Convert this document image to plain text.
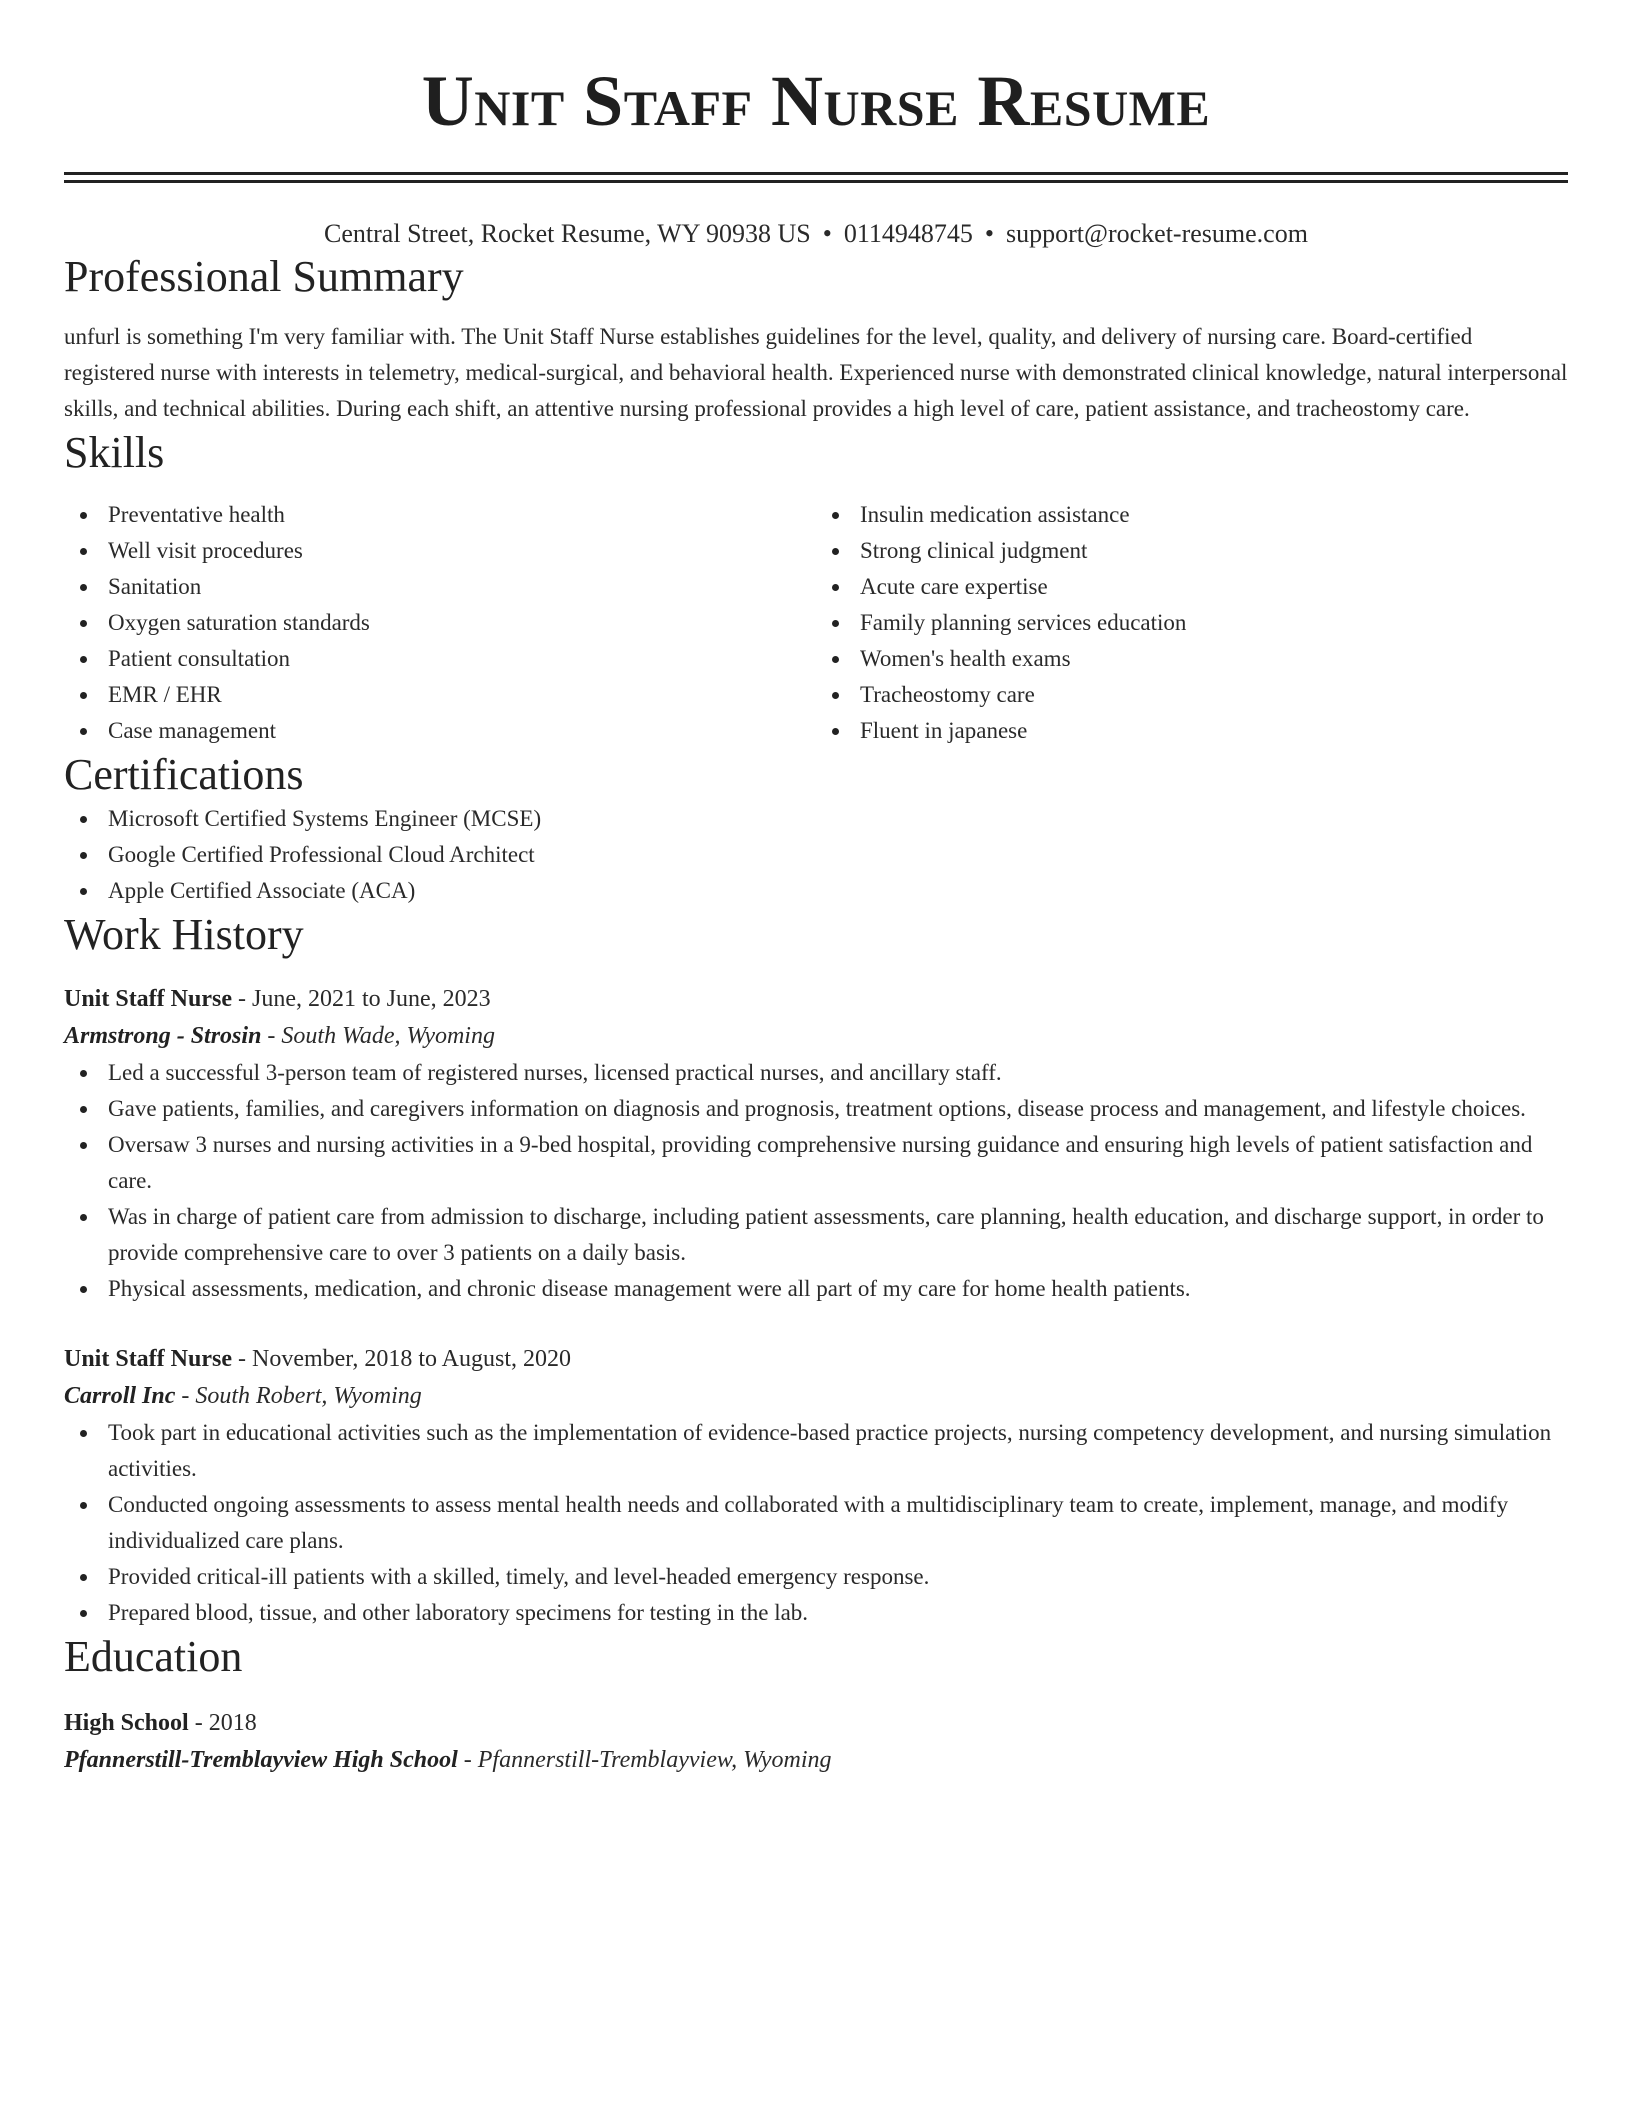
Unit Staff Nurse Resume
Central Street, Rocket Resume, WY 90938 US • 0114948745 • support@rocket-resume.com
Professional Summary
unfurl is something I'm very familiar with. The Unit Staff Nurse establishes guidelines for the level, quality, and delivery of nursing care. Board-certified registered nurse with interests in telemetry, medical-surgical, and behavioral health. Experienced nurse with demonstrated clinical knowledge, natural interpersonal skills, and technical abilities. During each shift, an attentive nursing professional provides a high level of care, patient assistance, and tracheostomy care.
Skills
Preventative health
Well visit procedures
Sanitation
Oxygen saturation standards
Patient consultation
EMR / EHR
Case management
Insulin medication assistance
Strong clinical judgment
Acute care expertise
Family planning services education
Women's health exams
Tracheostomy care
Fluent in japanese
Certifications
Microsoft Certified Systems Engineer (MCSE)
Google Certified Professional Cloud Architect
Apple Certified Associate (ACA)
Work History
Unit Staff Nurse - June, 2021 to June, 2023
Armstrong - Strosin - South Wade, Wyoming
Led a successful 3-person team of registered nurses, licensed practical nurses, and ancillary staff.
Gave patients, families, and caregivers information on diagnosis and prognosis, treatment options, disease process and management, and lifestyle choices.
Oversaw 3 nurses and nursing activities in a 9-bed hospital, providing comprehensive nursing guidance and ensuring high levels of patient satisfaction and care.
Was in charge of patient care from admission to discharge, including patient assessments, care planning, health education, and discharge support, in order to provide comprehensive care to over 3 patients on a daily basis.
Physical assessments, medication, and chronic disease management were all part of my care for home health patients.
Unit Staff Nurse - November, 2018 to August, 2020
Carroll Inc - South Robert, Wyoming
Took part in educational activities such as the implementation of evidence-based practice projects, nursing competency development, and nursing simulation activities.
Conducted ongoing assessments to assess mental health needs and collaborated with a multidisciplinary team to create, implement, manage, and modify individualized care plans.
Provided critical-ill patients with a skilled, timely, and level-headed emergency response.
Prepared blood, tissue, and other laboratory specimens for testing in the lab.
Education
High School - 2018
Pfannerstill-Tremblayview High School - Pfannerstill-Tremblayview, Wyoming
